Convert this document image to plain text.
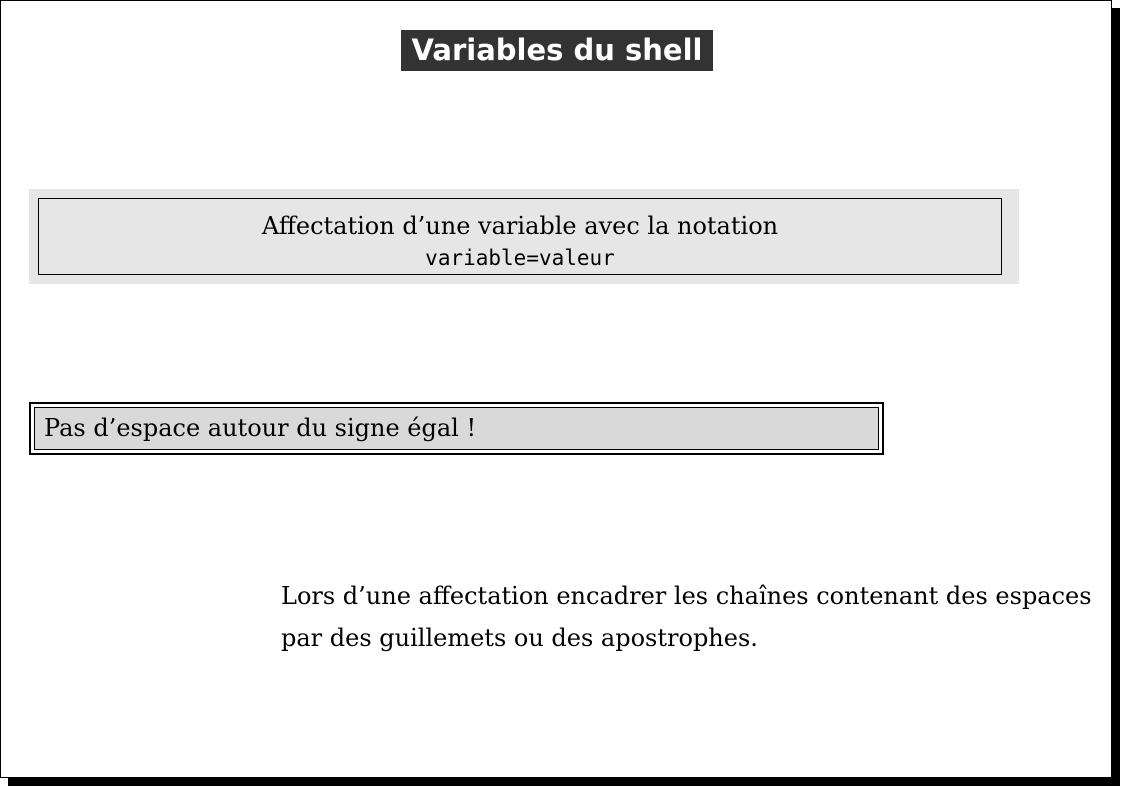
Variables du shell
Affectation d’une variable avec la notation
variable=valeur
Pas d’espace autour du signe égal !

Lors d’une affectation encadrer les chaînes contenant des espaces

par des guillemets ou des apostrophes.
